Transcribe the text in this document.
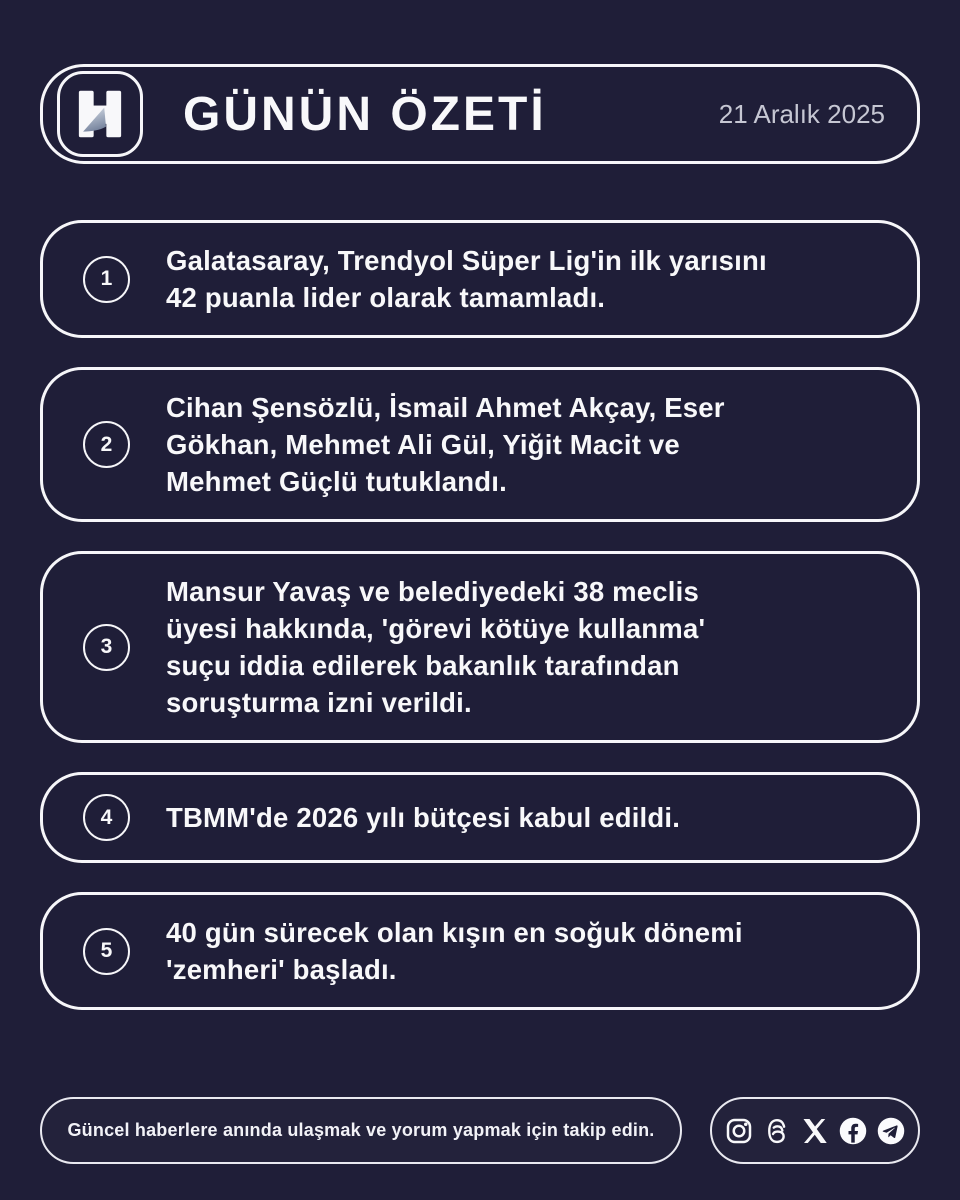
GÜNÜN ÖZETİ	21 Aralık 2025
1

Galatasaray, Trendyol Süper Lig'in ilk yarısını
42 puanla lider olarak tamamladı.

2

Cihan Şensözlü, İsmail Ahmet Akçay, Eser
Gökhan, Mehmet Ali Gül, Yiğit Macit ve
Mehmet Güçlü tutuklandı.

3

Mansur Yavaş ve belediyedeki 38 meclis
üyesi hakkında, 'görevi kötüye kullanma'
suçu iddia edilerek bakanlık tarafından
soruşturma izni verildi.

4 TBMM'de 2026 yılı bütçesi kabul edildi.

5

40 gün sürecek olan kışın en soğuk dönemi
'zemheri' başladı.

Güncel haberlere anında ulaşmak ve yorum yapmak için takip edin.
